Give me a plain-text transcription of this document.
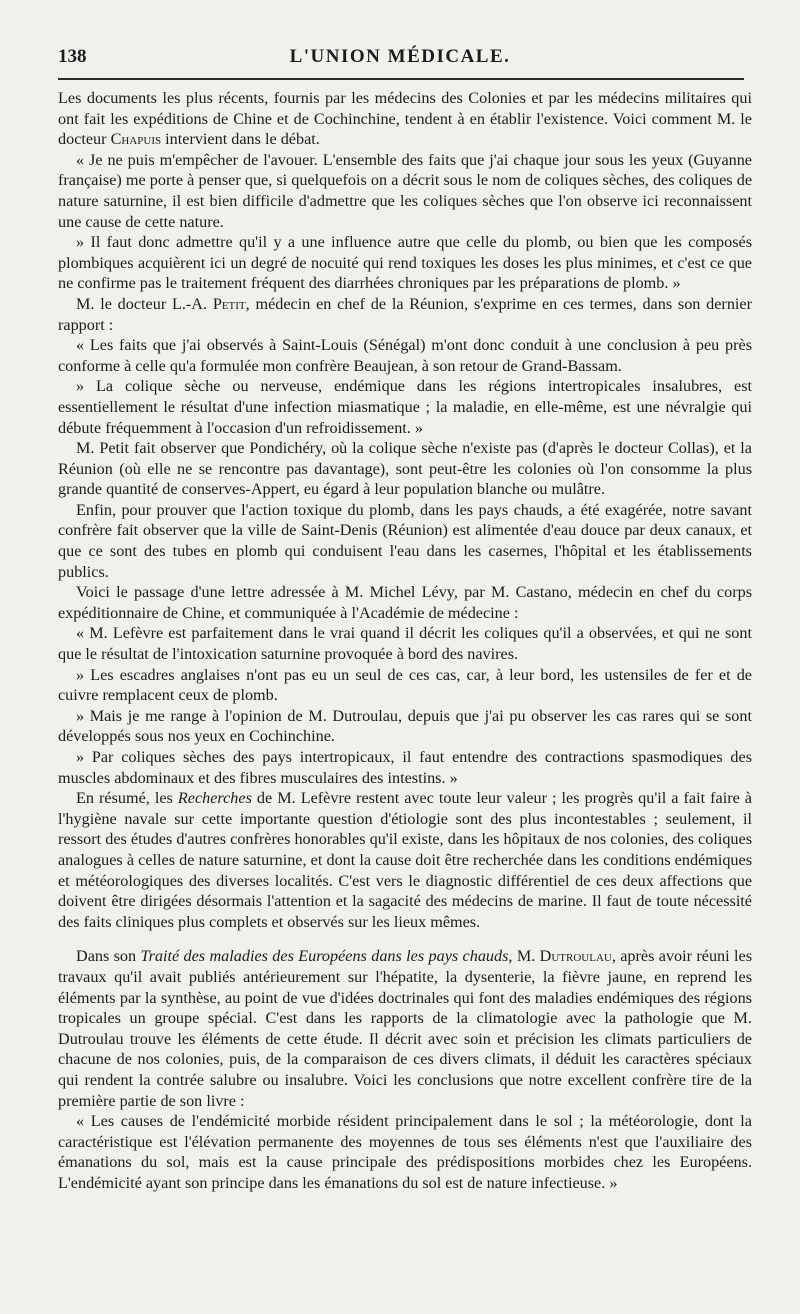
138	L'UNION MÉDICALE.

Les documents les plus récents, fournis par les médecins des Colonies et par les médecins militaires qui ont fait les expéditions de Chine et de Cochinchine, tendent à en établir l'existence. Voici comment M. le docteur Chapuis intervient dans le débat.

« Je ne puis m'empêcher de l'avouer. L'ensemble des faits que j'ai chaque jour sous les yeux (Guyanne française) me porte à penser que, si quelquefois on a décrit sous le nom de coliques sèches, des coliques de nature saturnine, il est bien difficile d'admettre que les coliques sèches que l'on observe ici reconnaissent une cause de cette nature.

» Il faut donc admettre qu'il y a une influence autre que celle du plomb, ou bien que les composés plombiques acquièrent ici un degré de nocuité qui rend toxiques les doses les plus minimes, et c'est ce que ne confirme pas le traitement fréquent des diarrhées chroniques par les préparations de plomb. »

M. le docteur L.-A. Petit, médecin en chef de la Réunion, s'exprime en ces termes, dans son dernier rapport :

« Les faits que j'ai observés à Saint-Louis (Sénégal) m'ont donc conduit à une conclusion à peu près conforme à celle qu'a formulée mon confrère Beaujean, à son retour de Grand-Bassam.

» La colique sèche ou nerveuse, endémique dans les régions intertropicales insalubres, est essentiellement le résultat d'une infection miasmatique ; la maladie, en elle-même, est une névralgie qui débute fréquemment à l'occasion d'un refroidissement. »

M. Petit fait observer que Pondichéry, où la colique sèche n'existe pas (d'après le docteur Collas), et la Réunion (où elle ne se rencontre pas davantage), sont peut-être les colonies où l'on consomme la plus grande quantité de conserves-Appert, eu égard à leur population blanche ou mulâtre.

Enfin, pour prouver que l'action toxique du plomb, dans les pays chauds, a été exagérée, notre savant confrère fait observer que la ville de Saint-Denis (Réunion) est alimentée d'eau douce par deux canaux, et que ce sont des tubes en plomb qui conduisent l'eau dans les casernes, l'hôpital et les établissements publics.

Voici le passage d'une lettre adressée à M. Michel Lévy, par M. Castano, médecin en chef du corps expéditionnaire de Chine, et communiquée à l'Académie de médecine :

« M. Lefèvre est parfaitement dans le vrai quand il décrit les coliques qu'il a observées, et qui ne sont que le résultat de l'intoxication saturnine provoquée à bord des navires.

» Les escadres anglaises n'ont pas eu un seul de ces cas, car, à leur bord, les ustensiles de fer et de cuivre remplacent ceux de plomb.

» Mais je me range à l'opinion de M. Dutroulau, depuis que j'ai pu observer les cas rares qui se sont développés sous nos yeux en Cochinchine.

» Par coliques sèches des pays intertropicaux, il faut entendre des contractions spasmodiques des muscles abdominaux et des fibres musculaires des intestins. »

En résumé, les Recherches de M. Lefèvre restent avec toute leur valeur ; les progrès qu'il a fait faire à l'hygiène navale sur cette importante question d'étiologie sont des plus incontestables ; seulement, il ressort des études d'autres confrères honorables qu'il existe, dans les hôpitaux de nos colonies, des coliques analogues à celles de nature saturnine, et dont la cause doit être recherchée dans les conditions endémiques et météorologiques des diverses localités. C'est vers le diagnostic différentiel de ces deux affections que doivent être dirigées désormais l'attention et la sagacité des médecins de marine. Il faut de toute nécessité des faits cliniques plus complets et observés sur les lieux mêmes.

Dans son Traité des maladies des Européens dans les pays chauds, M. Dutroulau, après avoir réuni les travaux qu'il avait publiés antérieurement sur l'hépatite, la dysenterie, la fièvre jaune, en reprend les éléments par la synthèse, au point de vue d'idées doctrinales qui font des maladies endémiques des régions tropicales un groupe spécial. C'est dans les rapports de la climatologie avec la pathologie que M. Dutroulau trouve les éléments de cette étude. Il décrit avec soin et précision les climats particuliers de chacune de nos colonies, puis, de la comparaison de ces divers climats, il déduit les caractères spéciaux qui rendent la contrée salubre ou insalubre. Voici les conclusions que notre excellent confrère tire de la première partie de son livre :

« Les causes de l'endémicité morbide résident principalement dans le sol ; la météorologie, dont la caractéristique est l'élévation permanente des moyennes de tous ses éléments n'est que l'auxiliaire des émanations du sol, mais est la cause principale des prédispositions morbides chez les Européens. L'endémicité ayant son principe dans les émanations du sol est de nature infectieuse. »
